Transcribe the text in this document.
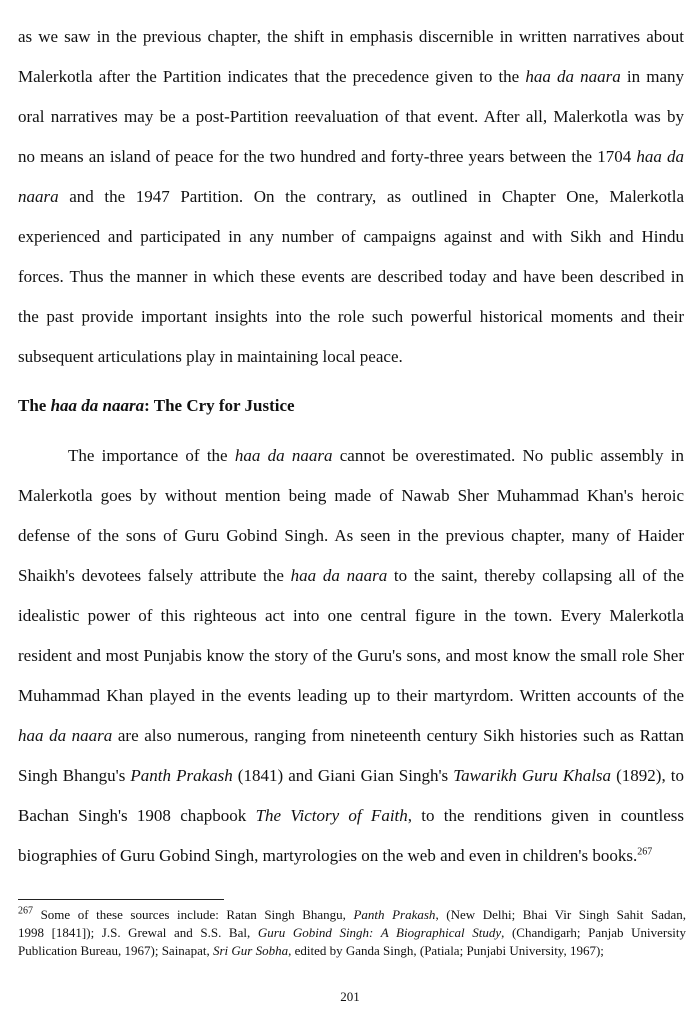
as we saw in the previous chapter, the shift in emphasis discernible in written narratives about
Malerkotla after the Partition indicates that the precedence given to the haa da naara in many
oral narratives may be a post-Partition reevaluation of that event. After all, Malerkotla was by
no means an island of peace for the two hundred and forty-three years between the 1704 haa da
naara and the 1947 Partition. On the contrary, as outlined in Chapter One, Malerkotla
experienced and participated in any number of campaigns against and with Sikh and Hindu
forces. Thus the manner in which these events are described today and have been described in
the past provide important insights into the role such powerful historical moments and their
subsequent articulations play in maintaining local peace.
The haa da naara: The Cry for Justice
The importance of the haa da naara cannot be overestimated. No public assembly in
Malerkotla goes by without mention being made of Nawab Sher Muhammad Khan's heroic
defense of the sons of Guru Gobind Singh. As seen in the previous chapter, many of Haider
Shaikh's devotees falsely attribute the haa da naara to the saint, thereby collapsing all of the
idealistic power of this righteous act into one central figure in the town. Every Malerkotla
resident and most Punjabis know the story of the Guru's sons, and most know the small role Sher
Muhammad Khan played in the events leading up to their martyrdom. Written accounts of the
haa da naara are also numerous, ranging from nineteenth century Sikh histories such as Rattan
Singh Bhangu's Panth Prakash (1841) and Giani Gian Singh's Tawarikh Guru Khalsa (1892), to
Bachan Singh's 1908 chapbook The Victory of Faith, to the renditions given in countless
biographies of Guru Gobind Singh, martyrologies on the web and even in children's books.$^{267}$
$^{267}$ Some of these sources include: Ratan Singh Bhangu, Panth Prakash, (New Delhi; Bhai Vir Singh Sahit Sadan,
1998 [1841]); J.S. Grewal and S.S. Bal, Guru Gobind Singh: A Biographical Study, (Chandigarh; Panjab University
Publication Bureau, 1967); Sainapat, Sri Gur Sobha, edited by Ganda Singh, (Patiala; Punjabi University, 1967);
201
